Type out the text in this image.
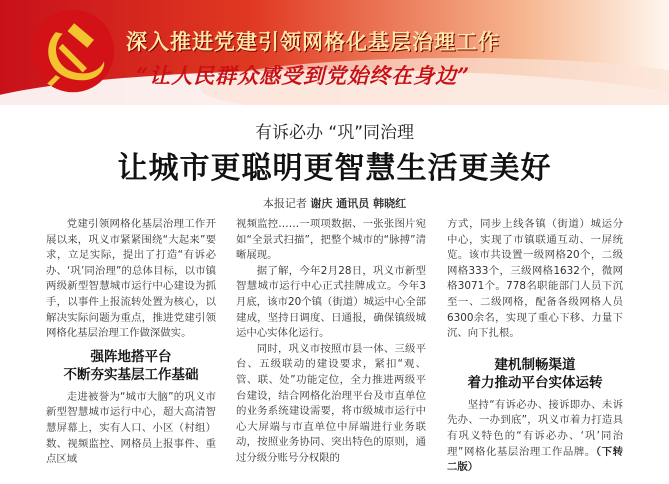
深入推进党建引领网格化基层治理工作
“让人民群众感受到党始终在身边”
有诉必办 “巩”同治理
让城市更聪明更智慧生活更美好
本报记者 谢庆 通讯员 韩晓红

党建引领网格化基层治理工作开展以来，巩义市紧紧围绕“大起来”要求，立足实际，提出了打造“有诉必办、‘巩’同治理”的总体目标，以市镇两级新型智慧城市运行中心建设为抓手，以事件上报流转处置为核心，以解决实际问题为重点，推进党建引领网格化基层治理工作做深做实。

强阵地搭平台
不断夯实基层工作基础

走进被誉为“城市大脑”的巩义市新型智慧城市运行中心，超大高清智慧屏幕上，实有人口、小区（村组）数、视频监控、网格员上报事件、重点区域

视频监控……一项项数据、一张张图片宛如“全景式扫描”，把整个城市的“脉搏”清晰展现。

据了解，今年2月28日，巩义市新型智慧城市运行中心正式挂牌成立。今年3月底，该市20个镇（街道）城运中心全部建成，坚持日调度、日通报，确保镇级城运中心实体化运行。

同时，巩义市按照市县一体、三级平台、五级联动的建设要求，紧扣“观、管、联、处”功能定位，全力推进两级平台建设，结合网格化治理平台及市直单位的业务系统建设需要，将市级城市运行中心大屏端与市直单位中屏端进行业务联动，按照业务协同、突出特色的原则，通过分级分账号分权限的

方式，同步上线各镇（街道）城运分中心，实现了市镇联通互动、一屏统览。该市共设置一级网格20个，二级网格333个，三级网格1632个，微网格3071个。778名职能部门人员下沉至一、二级网格，配备各级网格人员6300余名，实现了重心下移、力量下沉、向下扎根。

建机制畅渠道
着力推动平台实体运转

坚持“有诉必办、接诉即办、未诉先办、一办到底”，巩义市着力打造具有巩义特色的“有诉必办、‘巩’同治理”网格化基层治理工作品牌。（下转二版）
